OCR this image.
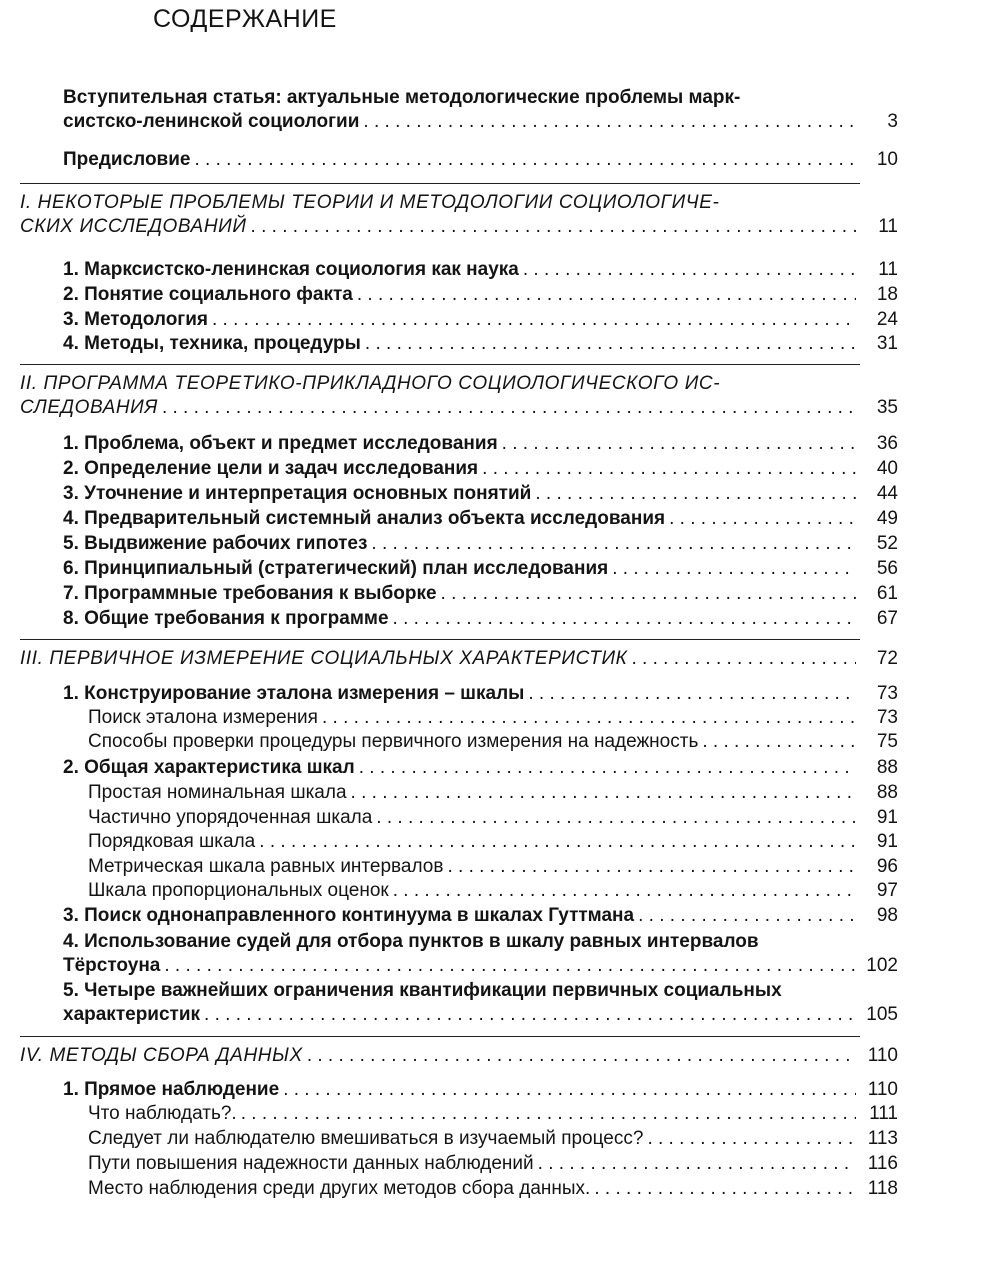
СОДЕРЖАНИЕ
Вступительная статья: актуальные методологические проблемы марк-
систско-ленинской социологии . . .	3
Предисловие . . .	10
I. НЕКОТОРЫЕ ПРОБЛЕМЫ ТЕОРИИ И МЕТОДОЛОГИИ СОЦИОЛОГИЧЕ-
СКИХ ИССЛЕДОВАНИЙ . . .	11
1. Марксистско-ленинская социология как наука . . .	11
2. Понятие социального факта . . .	18
3. Методология . . .	24
4. Методы, техника, процедуры . . .	31
II. ПРОГРАММА ТЕОРЕТИКО-ПРИКЛАДНОГО СОЦИОЛОГИЧЕСКОГО ИС-
СЛЕДОВАНИЯ . . .	35
1. Проблема, объект и предмет исследования . . .	36
2. Определение цели и задач исследования . . .	40
3. Уточнение и интерпретация основных понятий . . .	44
4. Предварительный системный анализ объекта исследования . . .	49
5. Выдвижение рабочих гипотез . . .	52
6. Принципиальный (стратегический) план исследования . . .	56
7. Программные требования к выборке . . .	61
8. Общие требования к программе . . .	67
III. ПЕРВИЧНОЕ ИЗМЕРЕНИЕ СОЦИАЛЬНЫХ ХАРАКТЕРИСТИК . . .	72
1. Конструирование эталона измерения – шкалы . . .	73
Поиск эталона измерения . . .	73
Способы проверки процедуры первичного измерения на надежность . . .	75
2. Общая характеристика шкал . . .	88
Простая номинальная шкала . . .	88
Частично упорядоченная шкала . . .	91
Порядковая шкала . . .	91
Метрическая шкала равных интервалов . . .	96
Шкала пропорциональных оценок . . .	97
3. Поиск однонаправленного континуума в шкалах Гуттмана . . .	98
4. Использование судей для отбора пунктов в шкалу равных интервалов
Тёрстоуна . . .	102
5. Четыре важнейших ограничения квантификации первичных социальных
характеристик . . .	105
IV. МЕТОДЫ СБОРА ДАННЫХ . . .	110
1. Прямое наблюдение . . .	110
Что наблюдать?. . . .	111
Следует ли наблюдателю вмешиваться в изучаемый процесс? . . .	113
Пути повышения надежности данных наблюдений . . .	116
Место наблюдения среди других методов сбора данных. . . .	118
